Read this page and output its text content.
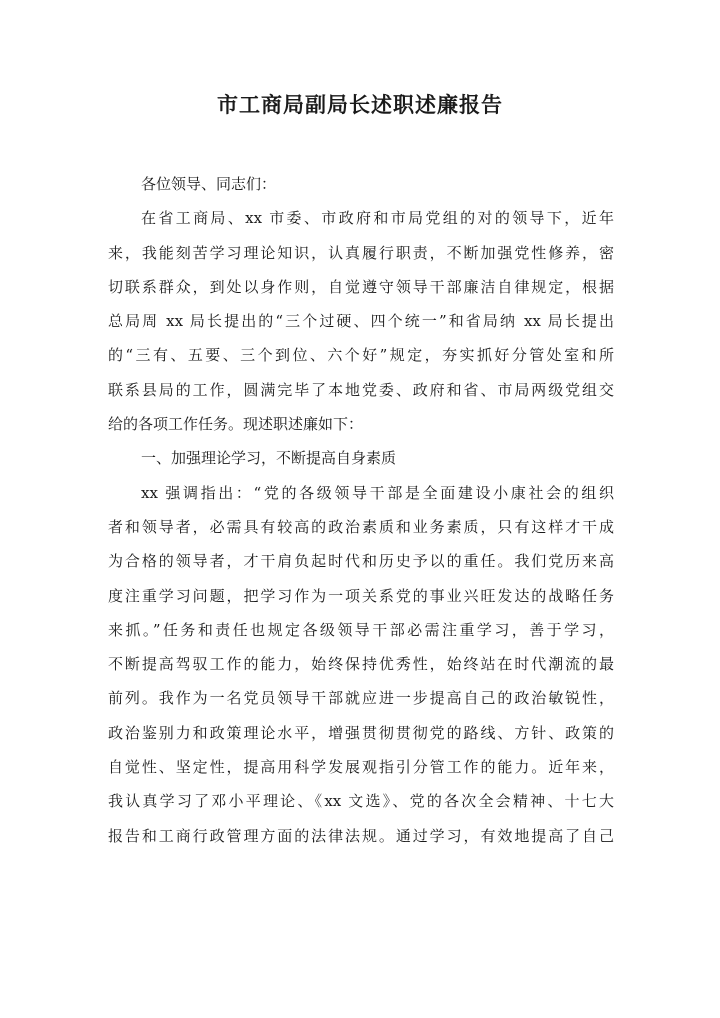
市工商局副局长述职述廉报告
各位领导、同志们：
在省工商局、xx 市委、市政府和市局党组的对的领导下，近年
来，我能刻苦学习理论知识，认真履行职责，不断加强党性修养，密
切联系群众，到处以身作则，自觉遵守领导干部廉洁自律规定，根据
总局周 xx 局长提出的“三个过硬、四个统一”和省局纳 xx 局长提出
的“三有、五要、三个到位、六个好”规定，夯实抓好分管处室和所
联系县局的工作，圆满完毕了本地党委、政府和省、市局两级党组交
给的各项工作任务。现述职述廉如下：
一、加强理论学习，不断提高自身素质
xx 强调指出：“党的各级领导干部是全面建设小康社会的组织
者和领导者，必需具有较高的政治素质和业务素质，只有这样才干成
为合格的领导者，才干肩负起时代和历史予以的重任。我们党历来高
度注重学习问题，把学习作为一项关系党的事业兴旺发达的战略任务
来抓。”任务和责任也规定各级领导干部必需注重学习，善于学习，
不断提高驾驭工作的能力，始终保持优秀性，始终站在时代潮流的最
前列。我作为一名党员领导干部就应进一步提高自己的政治敏锐性，
政治鉴别力和政策理论水平，增强贯彻贯彻党的路线、方针、政策的
自觉性、坚定性，提高用科学发展观指引分管工作的能力。近年来，
我认真学习了邓小平理论、《xx 文选》、党的各次全会精神、十七大
报告和工商行政管理方面的法律法规。通过学习，有效地提高了自己
